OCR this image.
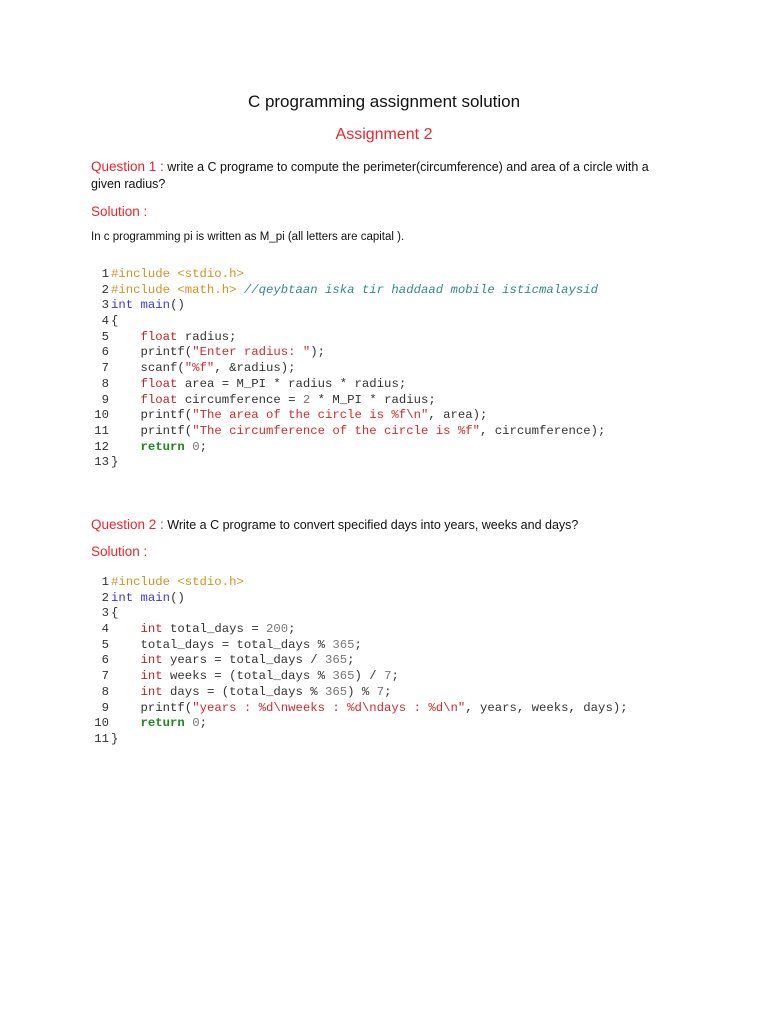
C programming assignment solution
Assignment 2
Question 1 : write a C programe to compute the perimeter(circumference) and area of a circle with a given radius?
Solution :
In c programming pi is written as M_pi (all letters are capital ).
1 #include <stdio.h>
2 #include <math.h> //qeybtaan iska tir haddaad mobile isticmalaysid
3 int main()
4 {
5	float radius;
6    printf("Enter radius: ");
7    scanf("%f", &radius);
8	float area = M_PI * radius * radius;
9	float circumference = 2 * M_PI * radius;
10    printf("The area of the circle is %f\n", area);
11    printf("The circumference of the circle is %f", circumference);
12	return 0;
13 }
Question 2 : Write a C programe to convert specified days into years, weeks and days?
Solution :
1 #include <stdio.h>
2 int main()
3 {
4	int total_days = 200;
5    total_days = total_days % 365;
6	int years = total_days / 365;
7	int weeks = (total_days % 365) / 7;
8	int days = (total_days % 365) % 7;
9    printf("years : %d\nweeks : %d\ndays : %d\n", years, weeks, days);
10	return 0;
11 }
